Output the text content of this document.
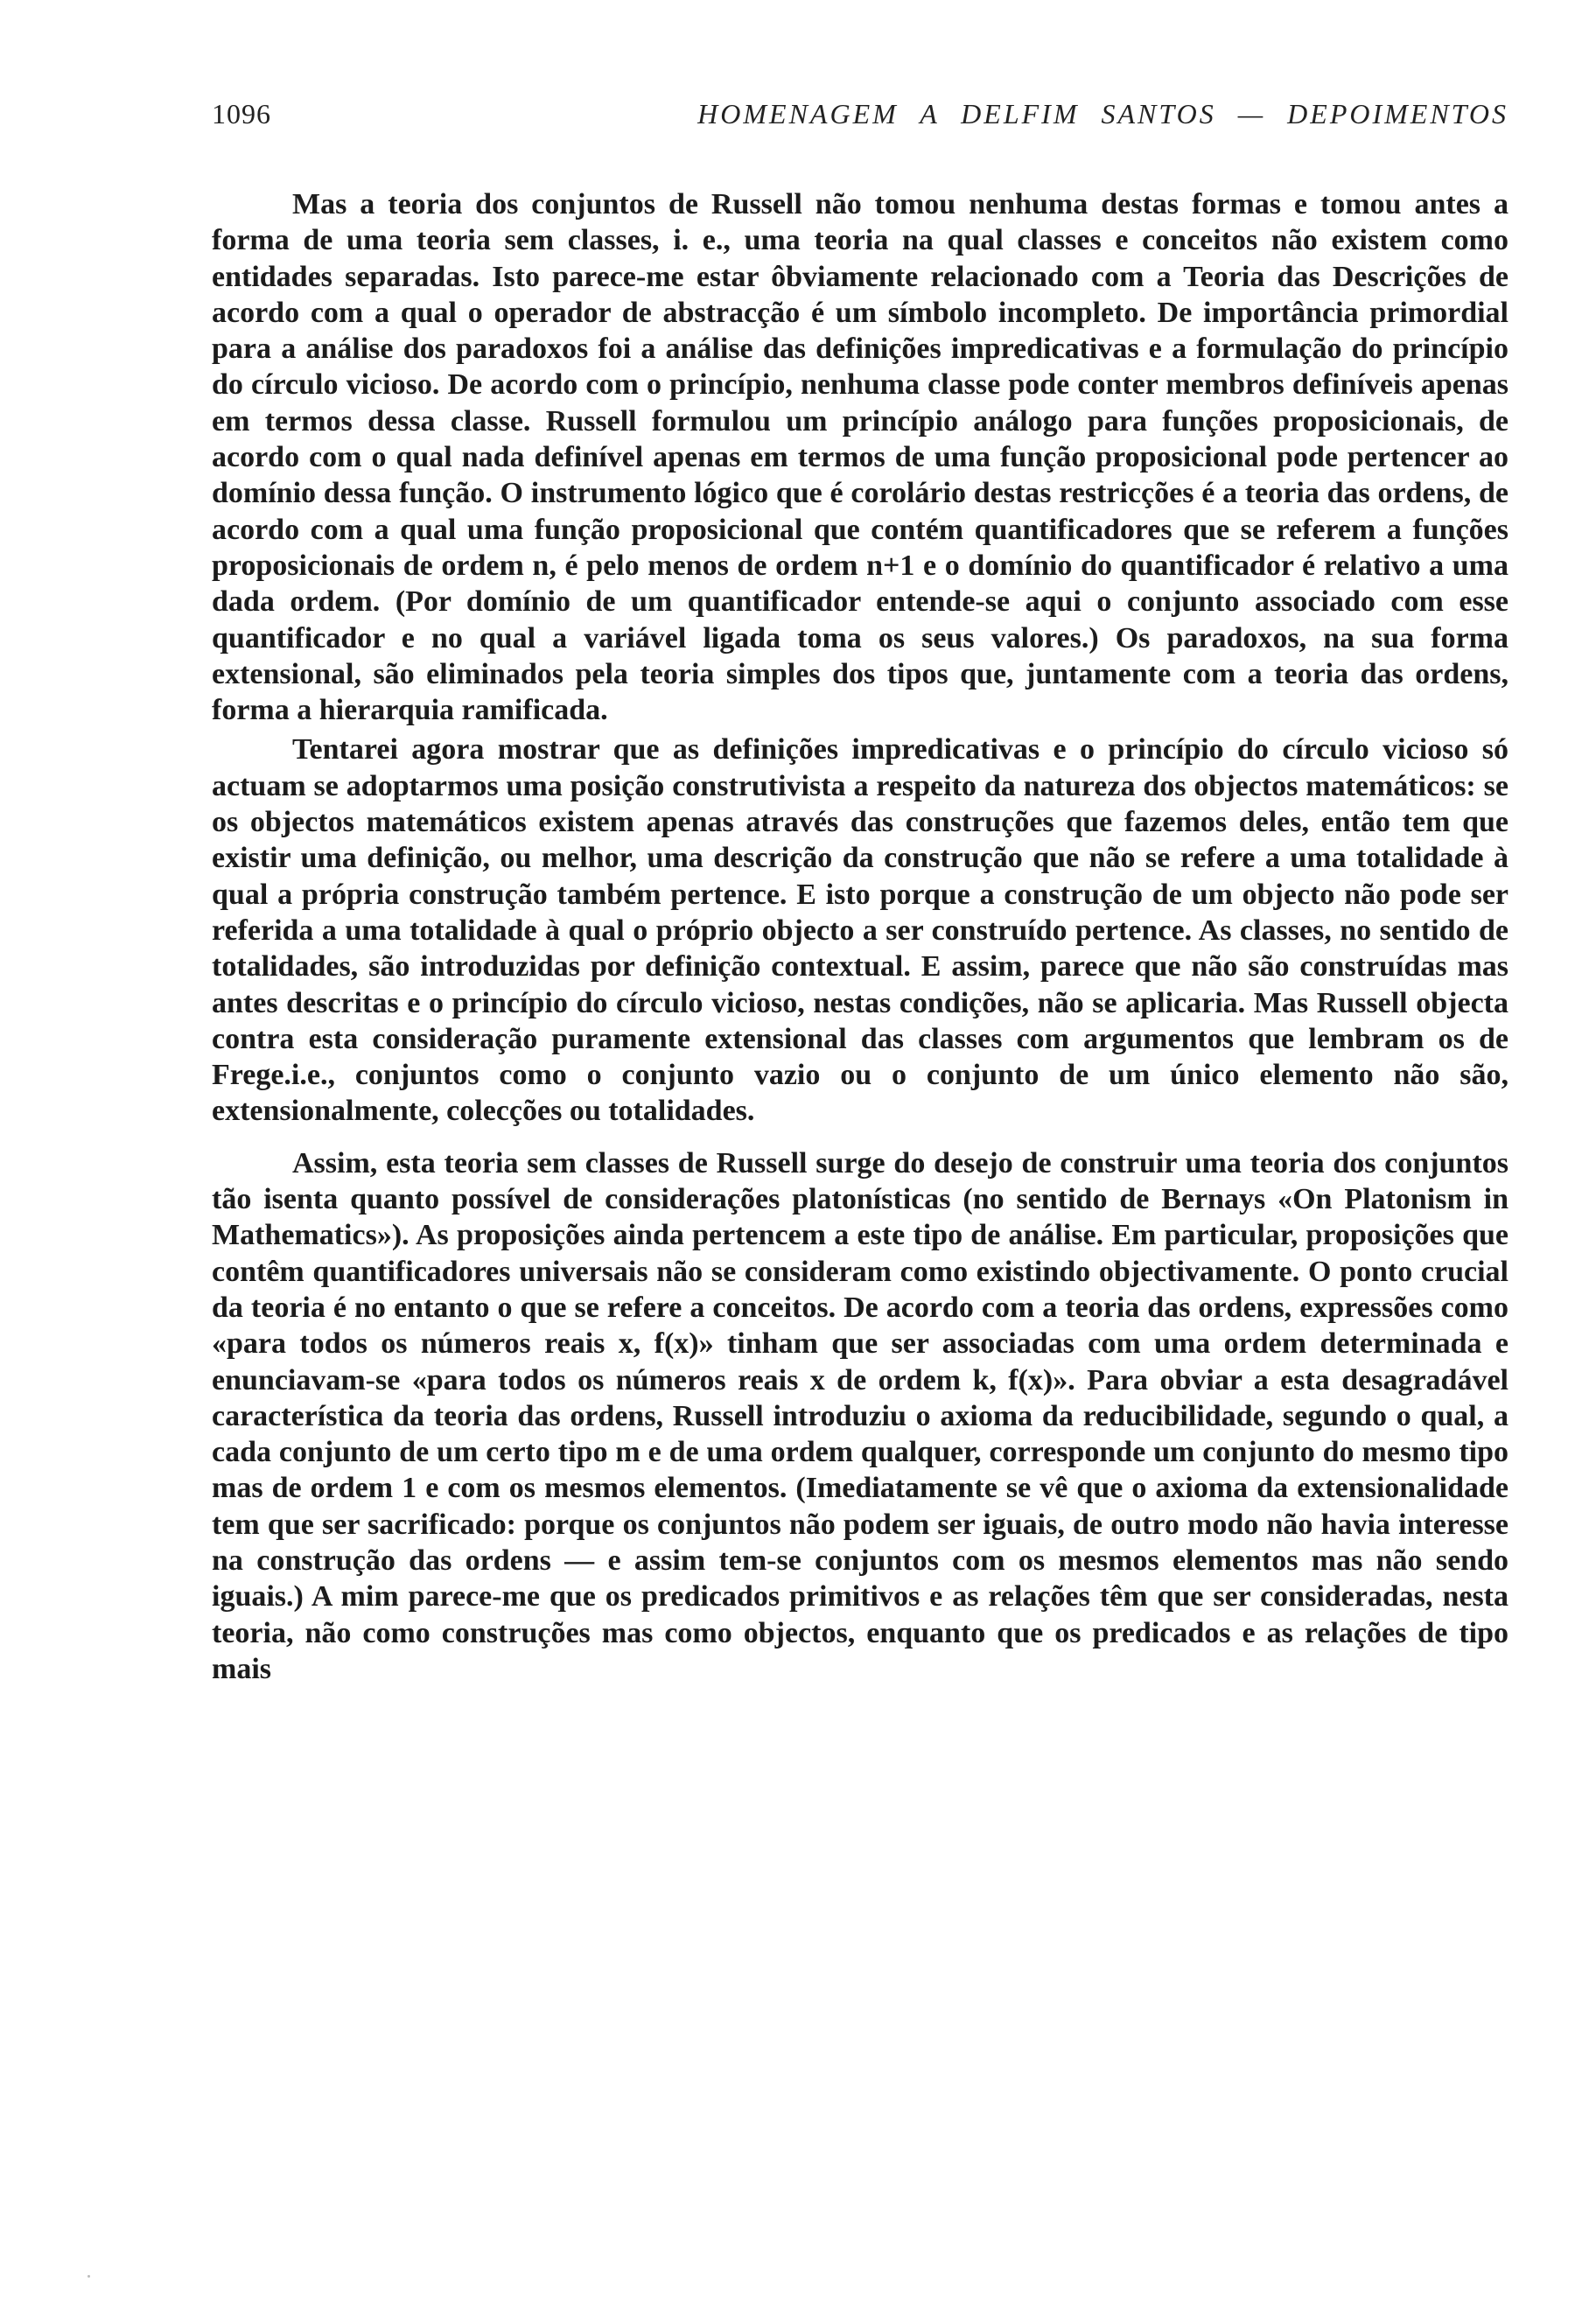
1096	HOMENAGEM A DELFIM SANTOS — DEPOIMENTOS

Mas a teoria dos conjuntos de Russell não tomou nenhuma destas formas e tomou antes a forma de uma teoria sem classes, i. e., uma teoria na qual classes e conceitos não existem como entidades separadas. Isto parece-me estar ôbviamente relacionado com a Teoria das Descrições de acordo com a qual o operador de abstracção é um símbolo incompleto. De importância primordial para a análise dos paradoxos foi a análise das definições impredicativas e a formulação do princípio do círculo vicioso. De acordo com o princípio, nenhuma classe pode conter membros definíveis apenas em termos dessa classe. Russell formulou um princípio análogo para funções proposicionais, de acordo com o qual nada definível apenas em termos de uma função proposicional pode pertencer ao domínio dessa função. O instrumento lógico que é corolário destas restricções é a teoria das ordens, de acordo com a qual uma função proposicional que contém quantificadores que se referem a funções proposicionais de ordem n, é pelo menos de ordem n+1 e o domínio do quantificador é relativo a uma dada ordem. (Por domínio de um quantificador entende-se aqui o conjunto associado com esse quantificador e no qual a variável ligada toma os seus valores.) Os paradoxos, na sua forma extensional, são eliminados pela teoria simples dos tipos que, juntamente com a teoria das ordens, forma a hierarquia ramificada.

Tentarei agora mostrar que as definições impredicativas e o princípio do círculo vicioso só actuam se adoptarmos uma posição construtivista a respeito da natureza dos objectos matemáticos: se os objectos matemáticos existem apenas através das construções que fazemos deles, então tem que existir uma definição, ou melhor, uma descrição da construção que não se refere a uma totalidade à qual a própria construção também pertence. E isto porque a construção de um objecto não pode ser referida a uma totalidade à qual o próprio objecto a ser construído pertence. As classes, no sentido de totalidades, são introduzidas por definição contextual. E assim, parece que não são construídas mas antes descritas e o princípio do círculo vicioso, nestas condições, não se aplicaria. Mas Russell objecta contra esta consideração puramente extensional das classes com argumentos que lembram os de Frege.i.e., conjuntos como o conjunto vazio ou o conjunto de um único elemento não são, extensionalmente, colecções ou totalidades.

Assim, esta teoria sem classes de Russell surge do desejo de construir uma teoria dos conjuntos tão isenta quanto possível de considerações platonísticas (no sentido de Bernays «On Platonism in Mathematics»). As proposições ainda pertencem a este tipo de análise. Em particular, proposições que contêm quantificadores universais não se consideram como existindo objectivamente. O ponto crucial da teoria é no entanto o que se refere a conceitos. De acordo com a teoria das ordens, expressões como «para todos os números reais x, f(x)» tinham que ser associadas com uma ordem determinada e enunciavam-se «para todos os números reais x de ordem k, f(x)». Para obviar a esta desagradável característica da teoria das ordens, Russell introduziu o axioma da reducibilidade, segundo o qual, a cada conjunto de um certo tipo m e de uma ordem qualquer, corresponde um conjunto do mesmo tipo mas de ordem 1 e com os mesmos elementos. (Imediatamente se vê que o axioma da extensionalidade tem que ser sacrificado: porque os conjuntos não podem ser iguais, de outro modo não havia interesse na construção das ordens — e assim tem-se conjuntos com os mesmos elementos mas não sendo iguais.) A mim parece-me que os predicados primitivos e as relações têm que ser consideradas, nesta teoria, não como construções mas como objectos, enquanto que os predicados e as relações de tipo mais
